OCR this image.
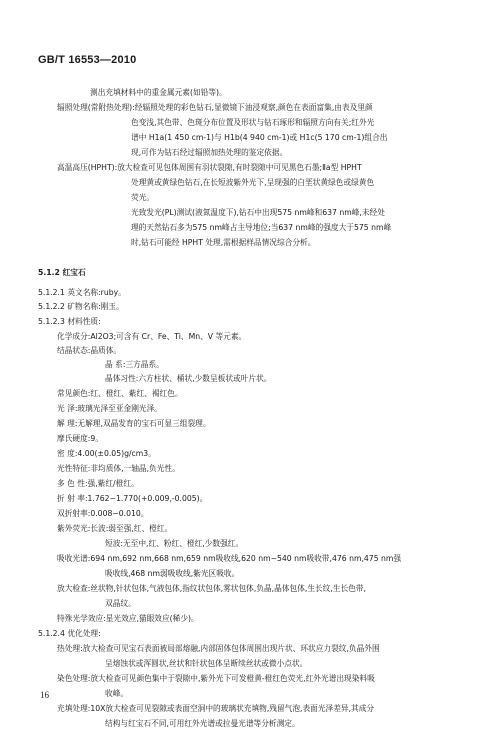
GB/T 16553—2010
测出充填材料中的重金属元素(如铅等)。
辐照处理(常附热处理):经辐照处理的彩色钻石,显微镜下油浸观察,颜色在表面富集,由表及里颜
色变浅,其色带、色斑分布位置及形状与钻石琢形和辐照方向有关;红外光
谱中 H1a(1 450 cm-1)与 H1b(4 940 cm-1)或 H1c(5 170 cm-1)组合出
现,可作为钻石经过辐照加热处理的鉴定依据。
高温高压(HPHT):放大检查可见包体周围有羽状裂隙,有时裂隙中可见黑色石墨;Ⅱa型 HPHT
处理黄或黄绿色钻石,在长短波紫外光下,呈现强的白垩状黄绿色或绿黄色
荧光。
光致发光(PL)测试(液氮温度下),钻石中出现575 nm峰和637 nm峰,未经处
理的天然钻石多为575 nm峰占主导地位;当637 nm峰的强度大于575 nm峰
时,钻石可能经 HPHT 处理,需根据样品情况综合分析。
5.1.2 红宝石
5.1.2.1 英文名称:ruby。
5.1.2.2 矿物名称:刚玉。
5.1.2.3 材料性质:
化学成分:Al2O3;可含有 Cr、Fe、Ti、Mn、V 等元素。
结晶状态:晶质体。
晶 系:三方晶系。
晶体习性:六方柱状、桶状,少数呈板状或叶片状。
常见颜色:红、橙红、紫红、褐红色。
光 泽:玻璃光泽至亚金刚光泽。
解 理:无解理,双晶发育的宝石可显三组裂理。
摩氏硬度:9。
密 度:4.00(±0.05)g/cm3。
光性特征:非均质体,一轴晶,负光性。
多 色 性:强,紫红/橙红。
折 射 率:1.762~1.770(+0.009,-0.005)。
双折射率:0.008~0.010。
紫外荧光:长波:弱至强,红、橙红。
短波:无至中,红、粉红、橙红,少数强红。
吸收光谱:694 nm,692 nm,668 nm,659 nm吸收线,620 nm~540 nm吸收带,476 nm,475 nm强
吸收线,468 nm弱吸收线,紫光区吸收。
放大检查:丝状物,针状包体,气液包体,指纹状包体,雾状包体,负晶,晶体包体,生长纹,生长色带,
双晶纹。
特殊光学效应:星光效应,猫眼效应(稀少)。
5.1.2.4 优化处理:
热处理:放大检查可见宝石表面被局部熔融,内部固体包体周围出现片状、环状应力裂纹,负晶外围
呈熔蚀状或浑圆状,丝状和针状包体呈断续丝状或微小点状。
染色处理:放大检查可见颜色集中于裂隙中,紫外光下可发橙黄-橙红色荧光,红外光谱出现染料吸
收峰。
充填处理:10X放大检查可见裂隙或表面空洞中的玻璃状充填物,残留气泡,表面光泽差异,其成分
结构与红宝石不同,可用红外光谱或拉曼光谱等分析测定。
16
